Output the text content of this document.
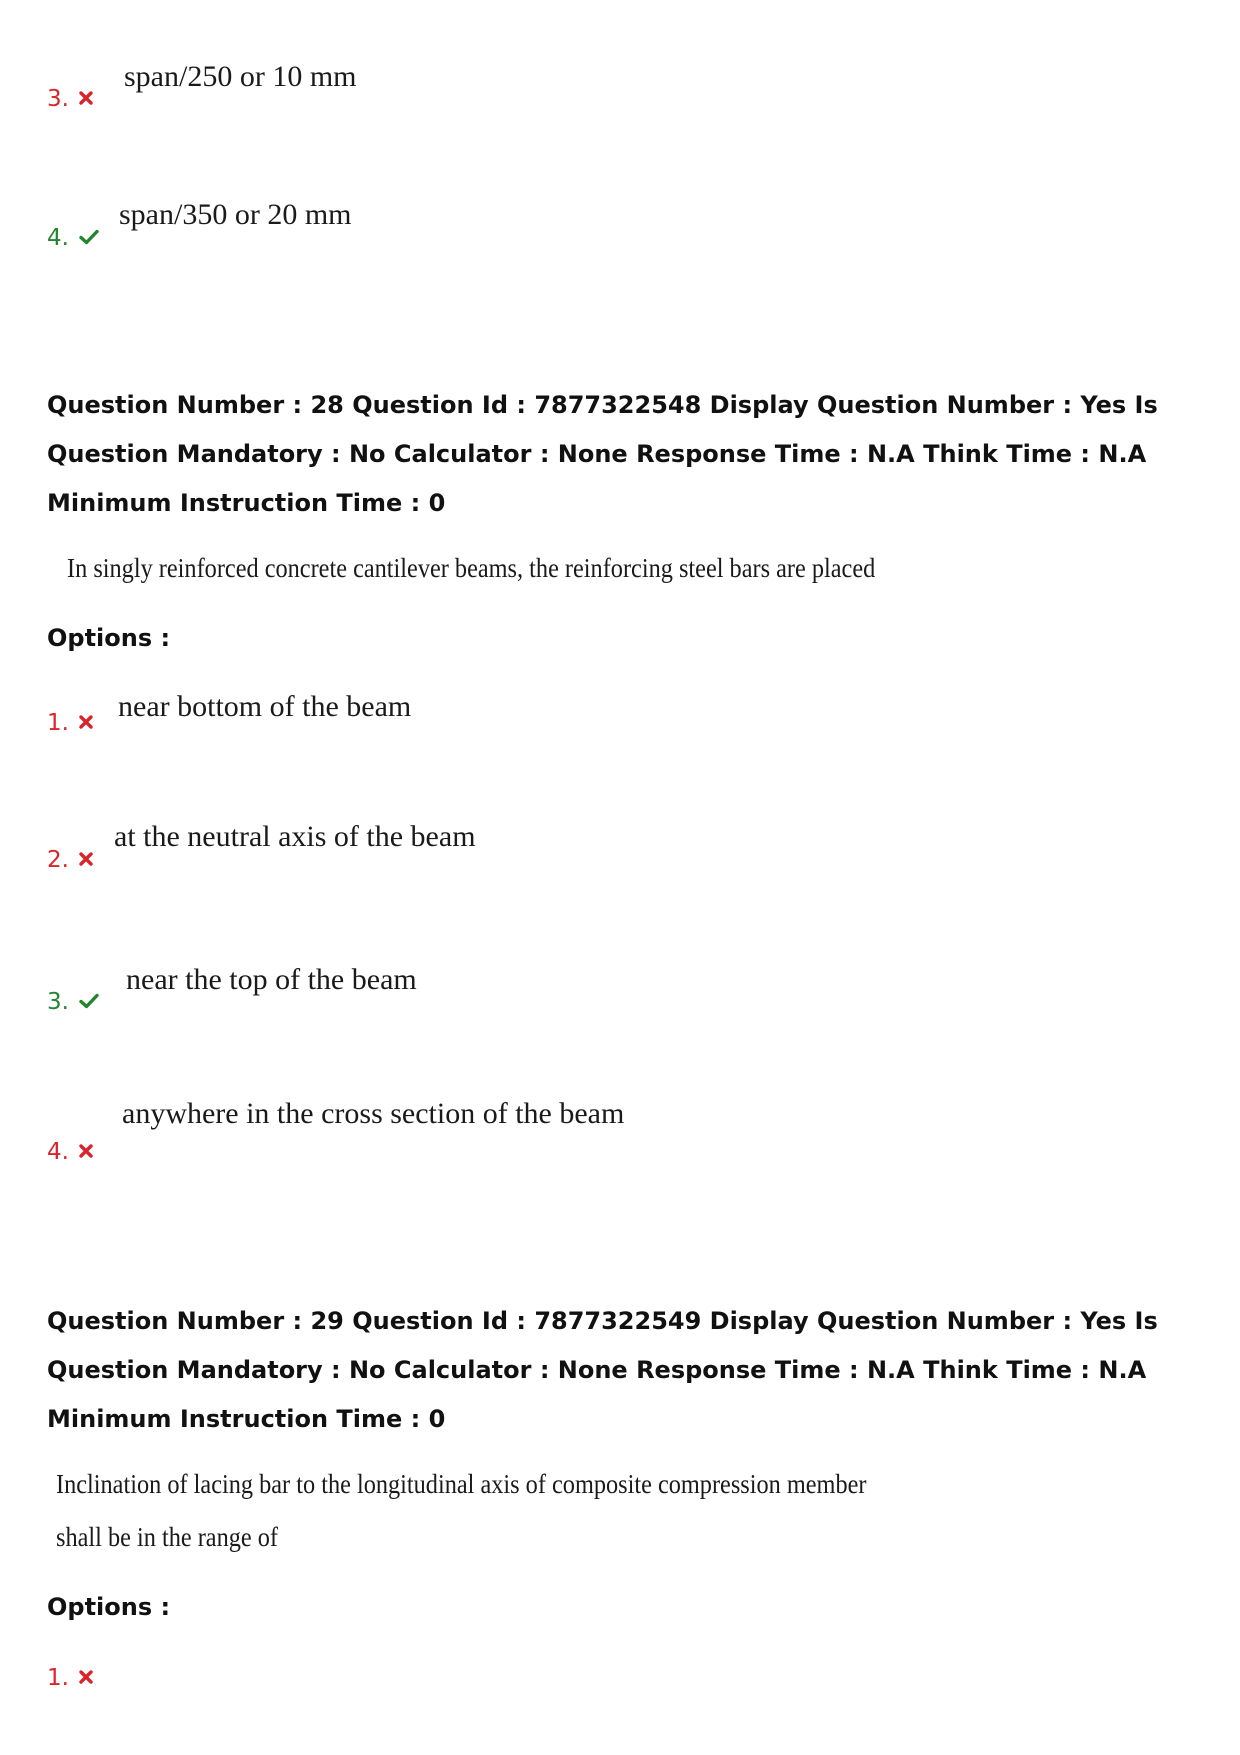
3.
span/250 or 10 mm
4.
span/350 or 20 mm
Question Number : 28 Question Id : 7877322548 Display Question Number : Yes Is Question Mandatory : No Calculator : None Response Time : N.A Think Time : N.A Minimum Instruction Time : 0
In singly reinforced concrete cantilever beams, the reinforcing steel bars are placed
Options :
1.	near bottom of the beam
2.
at the neutral axis of the beam
3.
near the top of the beam
4.
anywhere in the cross section of the beam
Question Number : 29 Question Id : 7877322549 Display Question Number : Yes Is Question Mandatory : No Calculator : None Response Time : N.A Think Time : N.A Minimum Instruction Time : 0
Inclination of lacing bar to the longitudinal axis of composite compression member
shall be in the range of
Options :
1.
